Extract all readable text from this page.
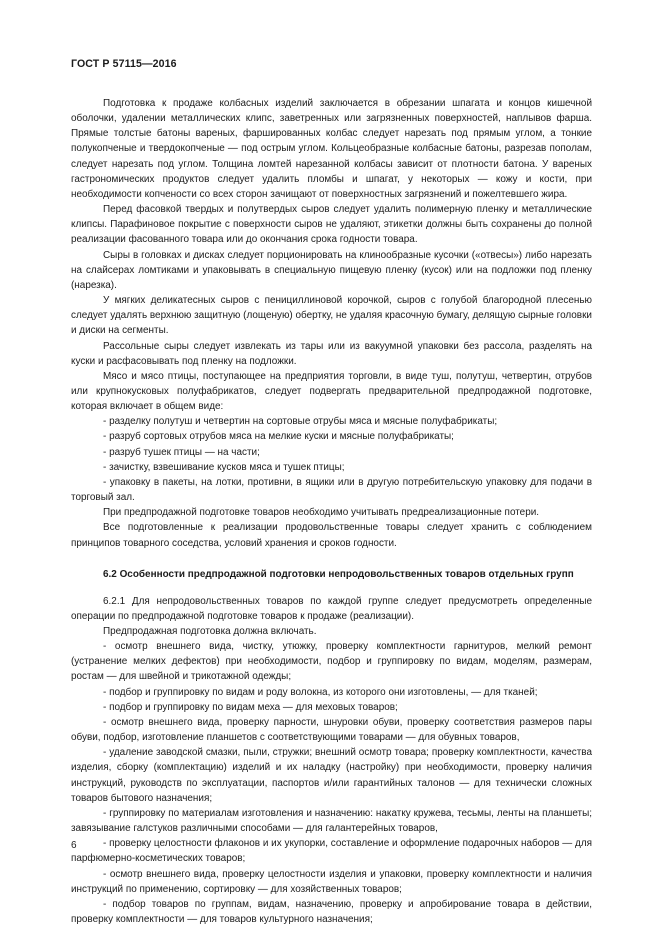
ГОСТ Р 57115—2016

Подготовка к продаже колбасных изделий заключается в обрезании шпагата и концов кишечной оболочки, удалении металлических клипс, заветренных или загрязненных поверхностей, наплывов фарша. Прямые толстые батоны вареных, фаршированных колбас следует нарезать под прямым углом, а тонкие полукопченые и твердокопченые — под острым углом. Кольцеобразные колбасные батоны, разрезав пополам, следует нарезать под углом. Толщина ломтей нарезанной колбасы зависит от плотности батона. У вареных гастрономических продуктов следует удалить пломбы и шпагат, у некоторых — кожу и кости, при необходимости копчености со всех сторон зачищают от поверхностных загрязнений и пожелтевшего жира.

Перед фасовкой твердых и полутвердых сыров следует удалить полимерную пленку и металлические клипсы. Парафиновое покрытие с поверхности сыров не удаляют, этикетки должны быть сохранены до полной реализации фасованного товара или до окончания срока годности товара.

Сыры в головках и дисках следует порционировать на клинообразные кусочки («отвесы») либо нарезать на слайсерах ломтиками и упаковывать в специальную пищевую пленку (кусок) или на подложки под пленку (нарезка).

У мягких деликатесных сыров с пенициллиновой корочкой, сыров с голубой благородной плесенью следует удалять верхнюю защитную (лощеную) обертку, не удаляя красочную бумагу, делящую сырные головки и диски на сегменты.

Рассольные сыры следует извлекать из тары или из вакуумной упаковки без рассола, разделять на куски и расфасовывать под пленку на подложки.

Мясо и мясо птицы, поступающее на предприятия торговли, в виде туш, полутуш, четвертин, отрубов или крупнокусковых полуфабрикатов, следует подвергать предварительной предпродажной подготовке, которая включает в общем виде:

- разделку полутуш и четвертин на сортовые отрубы мяса и мясные полуфабрикаты;

- разруб сортовых отрубов мяса на мелкие куски и мясные полуфабрикаты;

- разруб тушек птицы — на части;

- зачистку, взвешивание кусков мяса и тушек птицы;

- упаковку в пакеты, на лотки, противни, в ящики или в другую потребительскую упаковку для подачи в торговый зал.

При предпродажной подготовке товаров необходимо учитывать предреализационные потери.

Все подготовленные к реализации продовольственные товары следует хранить с соблюдением принципов товарного соседства, условий хранения и сроков годности.

6.2 Особенности предпродажной подготовки непродовольственных товаров отдельных групп

6.2.1 Для непродовольственных товаров по каждой группе следует предусмотреть определенные операции по предпродажной подготовке товаров к продаже (реализации).

Предпродажная подготовка должна включать.

- осмотр внешнего вида, чистку, утюжку, проверку комплектности гарнитуров, мелкий ремонт (устранение мелких дефектов) при необходимости, подбор и группировку по видам, моделям, размерам, ростам — для швейной и трикотажной одежды;

- подбор и группировку по видам и роду волокна, из которого они изготовлены, — для тканей;

- подбор и группировку по видам меха — для меховых товаров;

- осмотр внешнего вида, проверку парности, шнуровки обуви, проверку соответствия размеров пары обуви, подбор, изготовление планшетов с соответствующими товарами — для обувных товаров,

- удаление заводской смазки, пыли, стружки; внешний осмотр товара; проверку комплектности, качества изделия, сборку (комплектацию) изделий и их наладку (настройку) при необходимости, проверку наличия инструкций, руководств по эксплуатации, паспортов и/или гарантийных талонов — для технически сложных товаров бытового назначения;

- группировку по материалам изготовления и назначению: накатку кружева, тесьмы, ленты на планшеты; завязывание галстуков различными способами — для галантерейных товаров,

- проверку целостности флаконов и их укупорки, составление и оформление подарочных наборов — для парфюмерно-косметических товаров;

- осмотр внешнего вида, проверку целостности изделия и упаковки, проверку комплектности и наличия инструкций по применению, сортировку — для хозяйственных товаров;

- подбор товаров по группам, видам, назначению, проверку и апробирование товара в действии, проверку комплектности — для товаров культурного назначения;

6
